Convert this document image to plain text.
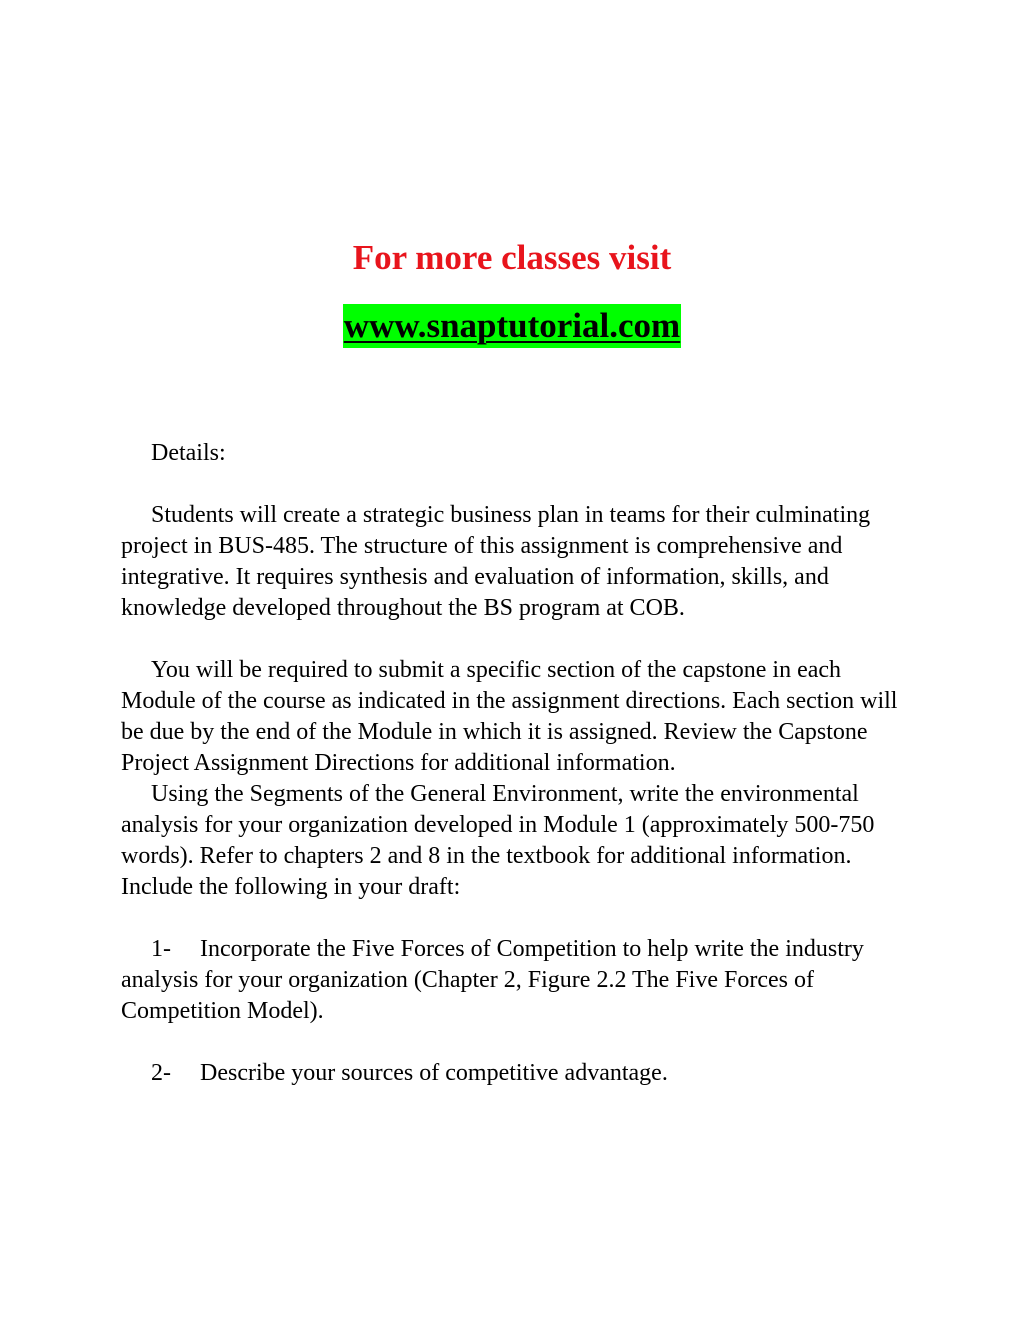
For more classes visit
www.snaptutorial.com

Details:

Students will create a strategic business plan in teams for their culminating project in BUS-485. The structure of this assignment is comprehensive and integrative. It requires synthesis and evaluation of information, skills, and knowledge developed throughout the BS program at COB.

You will be required to submit a specific section of the capstone in each Module of the course as indicated in the assignment directions. Each section will be due by the end of the Module in which it is assigned. Review the Capstone Project Assignment Directions for additional information.

Using the Segments of the General Environment, write the environmental analysis for your organization developed in Module 1 (approximately 500-750 words). Refer to chapters 2 and 8 in the textbook for additional information. Include the following in your draft:

1- Incorporate the Five Forces of Competition to help write the industry analysis for your organization (Chapter 2, Figure 2.2 The Five Forces of Competition Model).

2- Describe your sources of competitive advantage.
